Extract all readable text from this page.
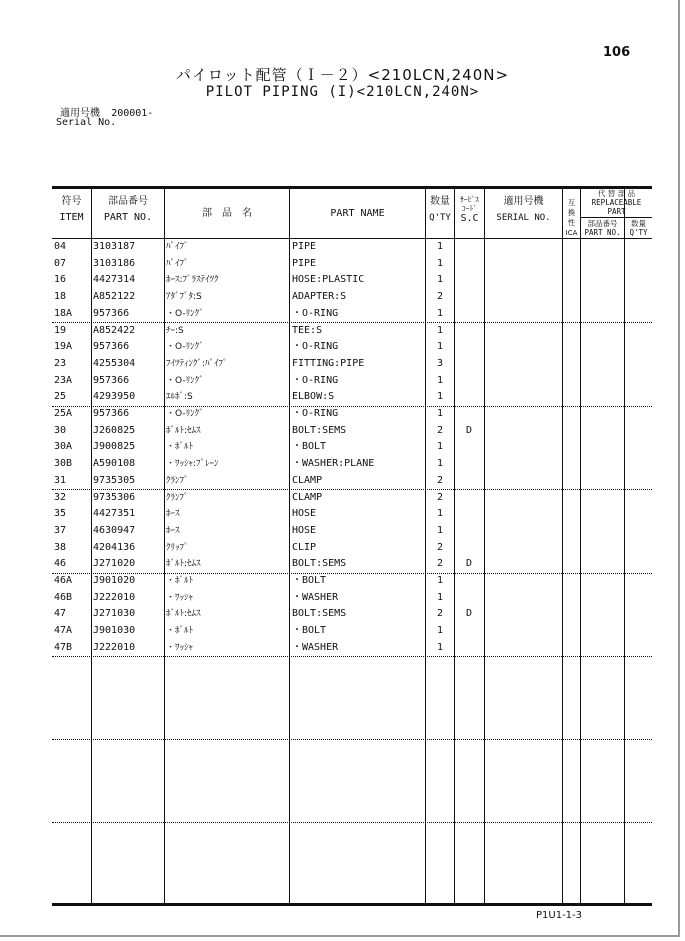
106
パイロット配管（Ｉ－２）<210LCN,240N>
PILOT PIPING (I)<210LCN,240N>
適用号機 200001-
Serial No.
符号
ITEM
部品番号
PART NO.	部　品　名	PART NAME
数量
Q'TY
ｻｰﾋﾞｽ
ｺｰﾄﾞ
S.C
適用号機
SERIAL NO.
互
換
性
ICA
代 替 部 品
REPLACEABLE
PART
部品番号
PART NO.
数量
Q'TY
04	3103187	ﾊﾟｲﾌﾟ	PIPE	1
07	3103186	ﾊﾟｲﾌﾟ	PIPE	1
16	4427314	ﾎｰｽ:ﾌﾟﾗｽﾃｲﾂｸ	HOSE:PLASTIC	1
18	A852122	ｱﾀﾞﾌﾟﾀ:S	ADAPTER:S	2
18A	957366	・O-ﾘﾝｸﾞ	・O-RING	1
19	A852422	ﾁｰ:S	TEE:S	1
19A	957366	・O-ﾘﾝｸﾞ	・O-RING	1
23	4255304	ﾌｲﾂﾃｨﾝｸﾞ:ﾊﾟｲﾌﾟ	FITTING:PIPE	3
23A	957366	・O-ﾘﾝｸﾞ	・O-RING	1
25	4293950	ｴﾙﾎﾞ:S	ELBOW:S	1
25A	957366	・O-ﾘﾝｸﾞ	・O-RING	1
30	J260825	ﾎﾞﾙﾄ:ｾﾑｽ	BOLT:SEMS	2	D
30A	J900825	・ﾎﾞﾙﾄ	・BOLT	1
30B	A590108	・ﾜｯｼｬ:ﾌﾟﾚｰﾝ	・WASHER:PLANE	1
31	9735305	ｸﾗﾝﾌﾟ	CLAMP	2
32	9735306	ｸﾗﾝﾌﾟ	CLAMP	2
35	4427351	ﾎｰｽ	HOSE	1
37	4630947	ﾎｰｽ	HOSE	1
38	4204136	ｸﾘｯﾌﾟ	CLIP	2
46	J271020	ﾎﾞﾙﾄ:ｾﾑｽ	BOLT:SEMS	2	D
46A	J901020	・ﾎﾞﾙﾄ	・BOLT	1
46B	J222010	・ﾜｯｼｬ	・WASHER	1
47	J271030	ﾎﾞﾙﾄ:ｾﾑｽ	BOLT:SEMS	2	D
47A	J901030	・ﾎﾞﾙﾄ	・BOLT	1
47B	J222010	・ﾜｯｼｬ	・WASHER	1
P1U1-1-3
